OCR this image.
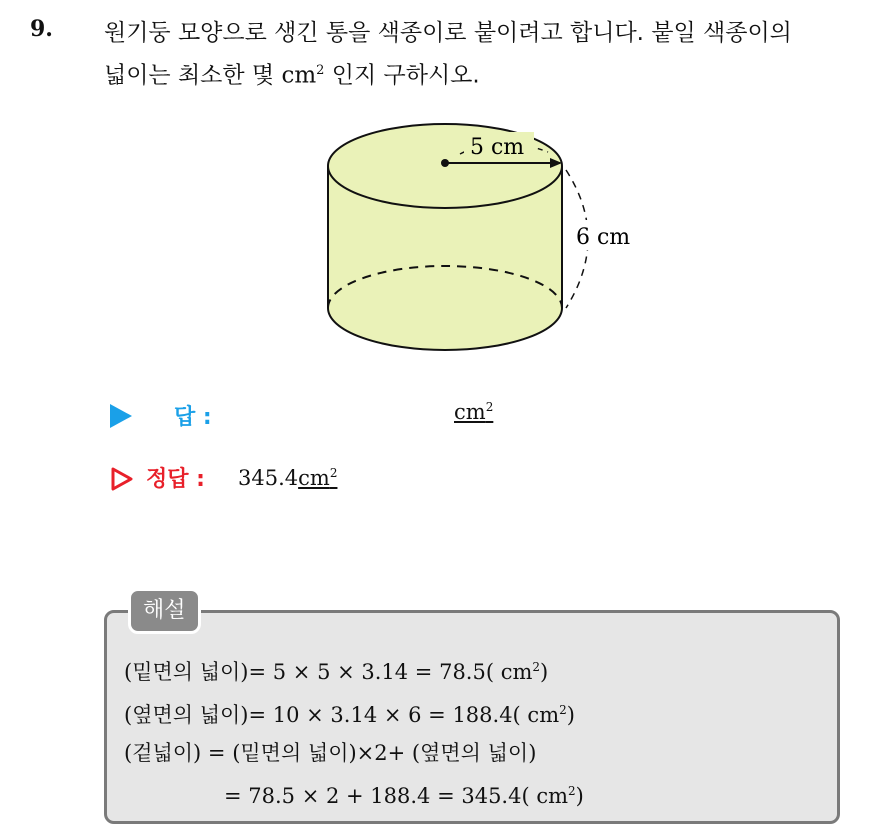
9. 원기둥 모양으로 생긴 통을 색종이로 붙이려고 합니다. 붙일 색종이의
넓이는 최소한 몇 $cm^2$ 인지 구하시오.
5 cm
6 cm
답 :	$cm^2$
정답 : $345.4cm^2$
해설
(밑면의 넓이)= 5 × 5 × 3.14 = 78.5( $cm^2$)
(옆면의 넓이)= 10 × 3.14 × 6 = 188.4( $cm^2$)
(겉넓이) = (밑면의 넓이)×2+ (옆면의 넓이)
= 78.5 × 2 + 188.4 = 345.4( $cm^2$)
